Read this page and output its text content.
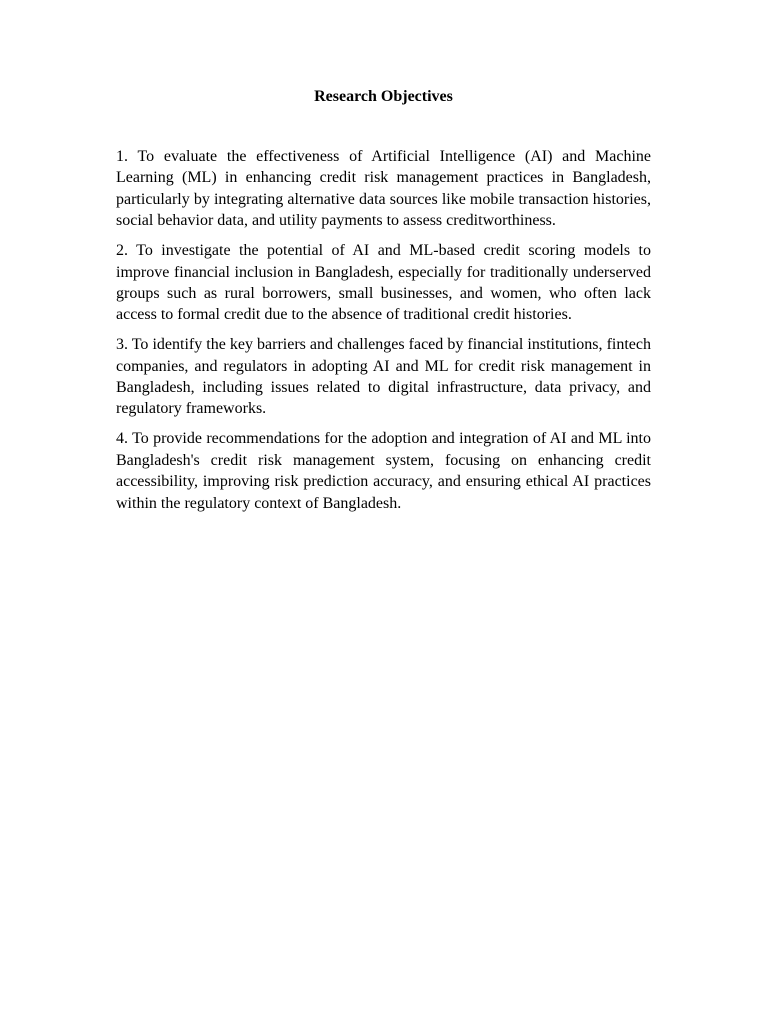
Research Objectives

1. To evaluate the effectiveness of Artificial Intelligence (AI) and Machine Learning (ML) in enhancing credit risk management practices in Bangladesh, particularly by integrating alternative data sources like mobile transaction histories, social behavior data, and utility payments to assess creditworthiness.

2. To investigate the potential of AI and ML-based credit scoring models to improve financial inclusion in Bangladesh, especially for traditionally underserved groups such as rural borrowers, small businesses, and women, who often lack access to formal credit due to the absence of traditional credit histories.

3. To identify the key barriers and challenges faced by financial institutions, fintech companies, and regulators in adopting AI and ML for credit risk management in Bangladesh, including issues related to digital infrastructure, data privacy, and regulatory frameworks.

4. To provide recommendations for the adoption and integration of AI and ML into Bangladesh's credit risk management system, focusing on enhancing credit accessibility, improving risk prediction accuracy, and ensuring ethical AI practices within the regulatory context of Bangladesh.
